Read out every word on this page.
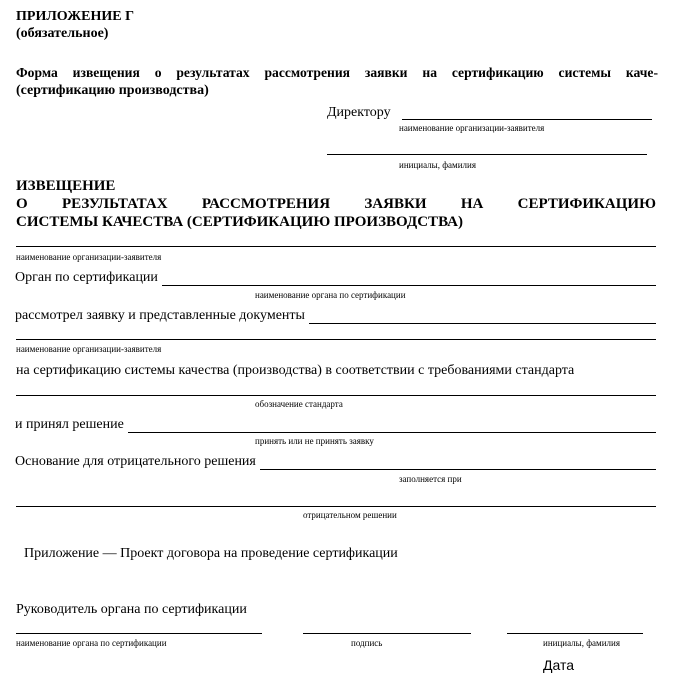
ПРИЛОЖЕНИЕ Г
(обязательное)
Форма извещения о результатах рассмотрения заявки на сертификацию системы каче-
(сертификацию производства)
Директору
наименование организации-заявителя
инициалы, фамилия
ИЗВЕЩЕНИЕ
О РЕЗУЛЬТАТАХ РАССМОТРЕНИЯ ЗАЯВКИ НА СЕРТИФИКАЦИЮ
СИСТЕМЫ КАЧЕСТВА (СЕРТИФИКАЦИЮ ПРОИЗВОДСТВА)
наименование организации-заявителя
Орган по сертификации
наименование органа по сертификации
рассмотрел заявку и представленные документы
наименование организации-заявителя
на сертификацию системы качества (производства) в соответствии с требованиями стандарта
обозначение стандарта
и принял решение
принять или не принять заявку
Основание для отрицательного решения
заполняется при
отрицательном решении
Приложение — Проект договора на проведение сертификации
Руководитель органа по сертификации
наименование органа по сертификации	подпись	инициалы, фамилия
Дата
